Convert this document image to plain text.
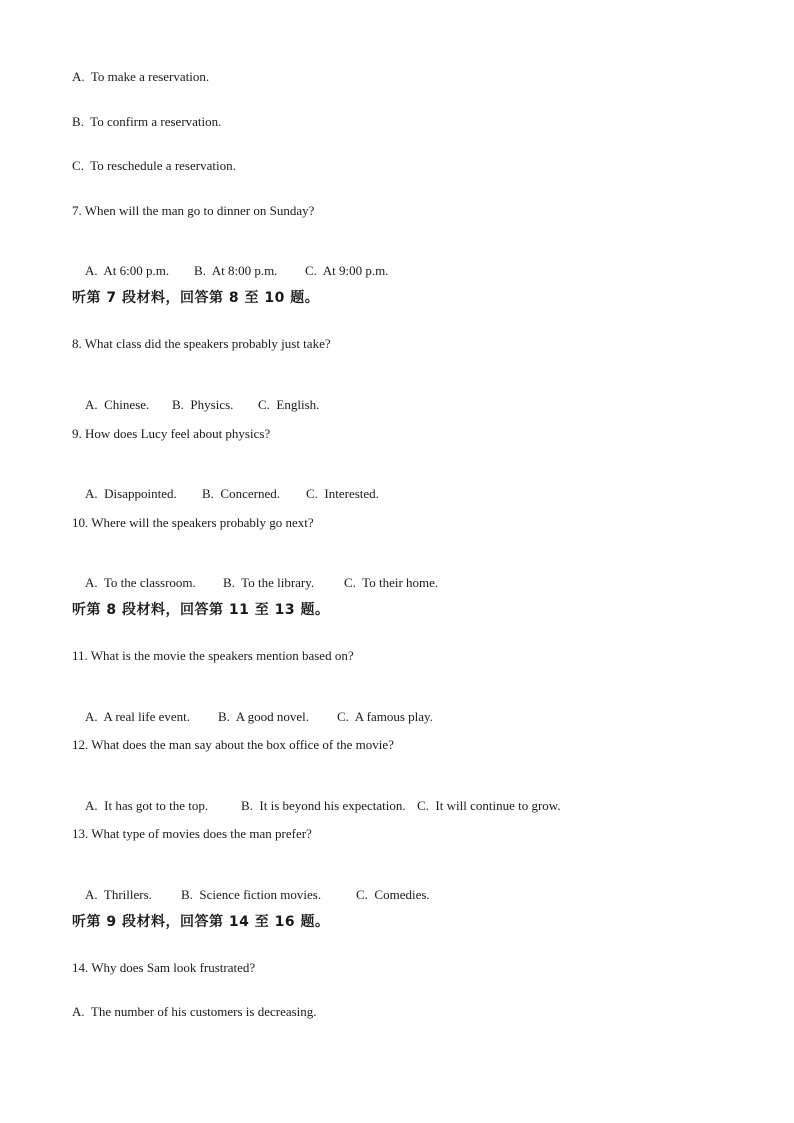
A.  To make a reservation.
B.  To confirm a reservation.
C.  To reschedule a reservation.
7. When will the man go to dinner on Sunday?

A.  At 6:00 p.m. B.  At 8:00 p.m. C.  At 9:00 p.m.

听第 7 段材料，回答第 8 至 10 题。
8. What class did the speakers probably just take?

A.  Chinese. B.  Physics. C.  English.

9. How does Lucy feel about physics?

A.  Disappointed. B.  Concerned. C.  Interested.

10. Where will the speakers probably go next?

A.  To the classroom. B.  To the library. C.  To their home.

听第 8 段材料，回答第 11 至 13 题。
11. What is the movie the speakers mention based on?

A.  A real life event. B.  A good novel. C.  A famous play.

12. What does the man say about the box office of the movie?

A.  It has got to the top.	B.  It is beyond his expectation. C.  It will continue to grow.

13. What type of movies does the man prefer?

A.  Thrillers. B.  Science fiction movies.	C.  Comedies.

听第 9 段材料，回答第 14 至 16 题。
14. Why does Sam look frustrated?
A.  The number of his customers is decreasing.
